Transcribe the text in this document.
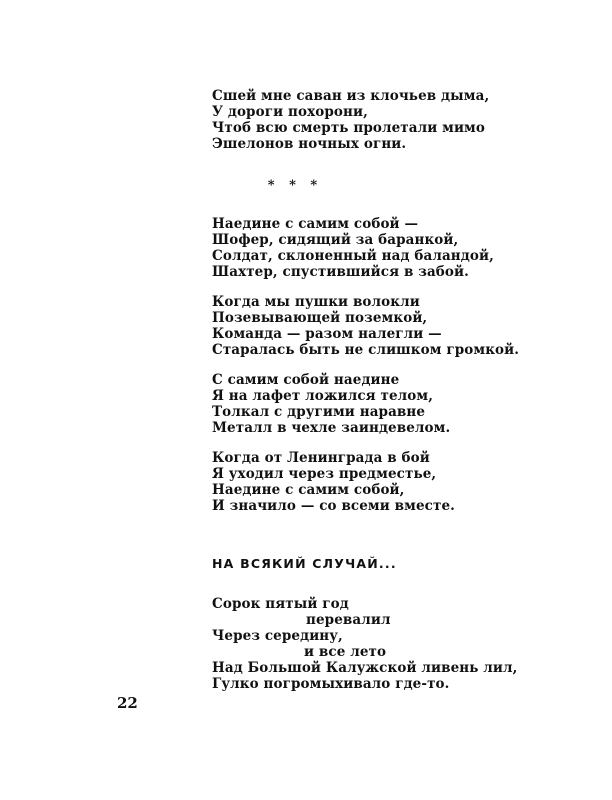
Сшей мне саван из клочьев дыма,
У дороги похорони,
Чтоб всю смерть пролетали мимо
Эшелонов ночных огни.
* * *
Наедине с самим собой —
Шофер, сидящий за баранкой,
Солдат, склоненный над баландой,
Шахтер, спустившийся в забой.
Когда мы пушки волокли
Позевывающей поземкой,
Команда — разом налегли —
Старалась быть не слишком громкой.
С самим собой наедине
Я на лафет ложился телом,
Толкал с другими наравне
Металл в чехле заиндевелом.
Когда от Ленинграда в бой
Я уходил через предместье,
Наедине с самим собой,
И значило — со всеми вместе.
НА ВСЯКИЙ СЛУЧАЙ...
Сорок пятый год
перевалил
Через середину,
и все лето
Над Большой Калужской ливень лил,
Гулко погромыхивало где-то.
22
